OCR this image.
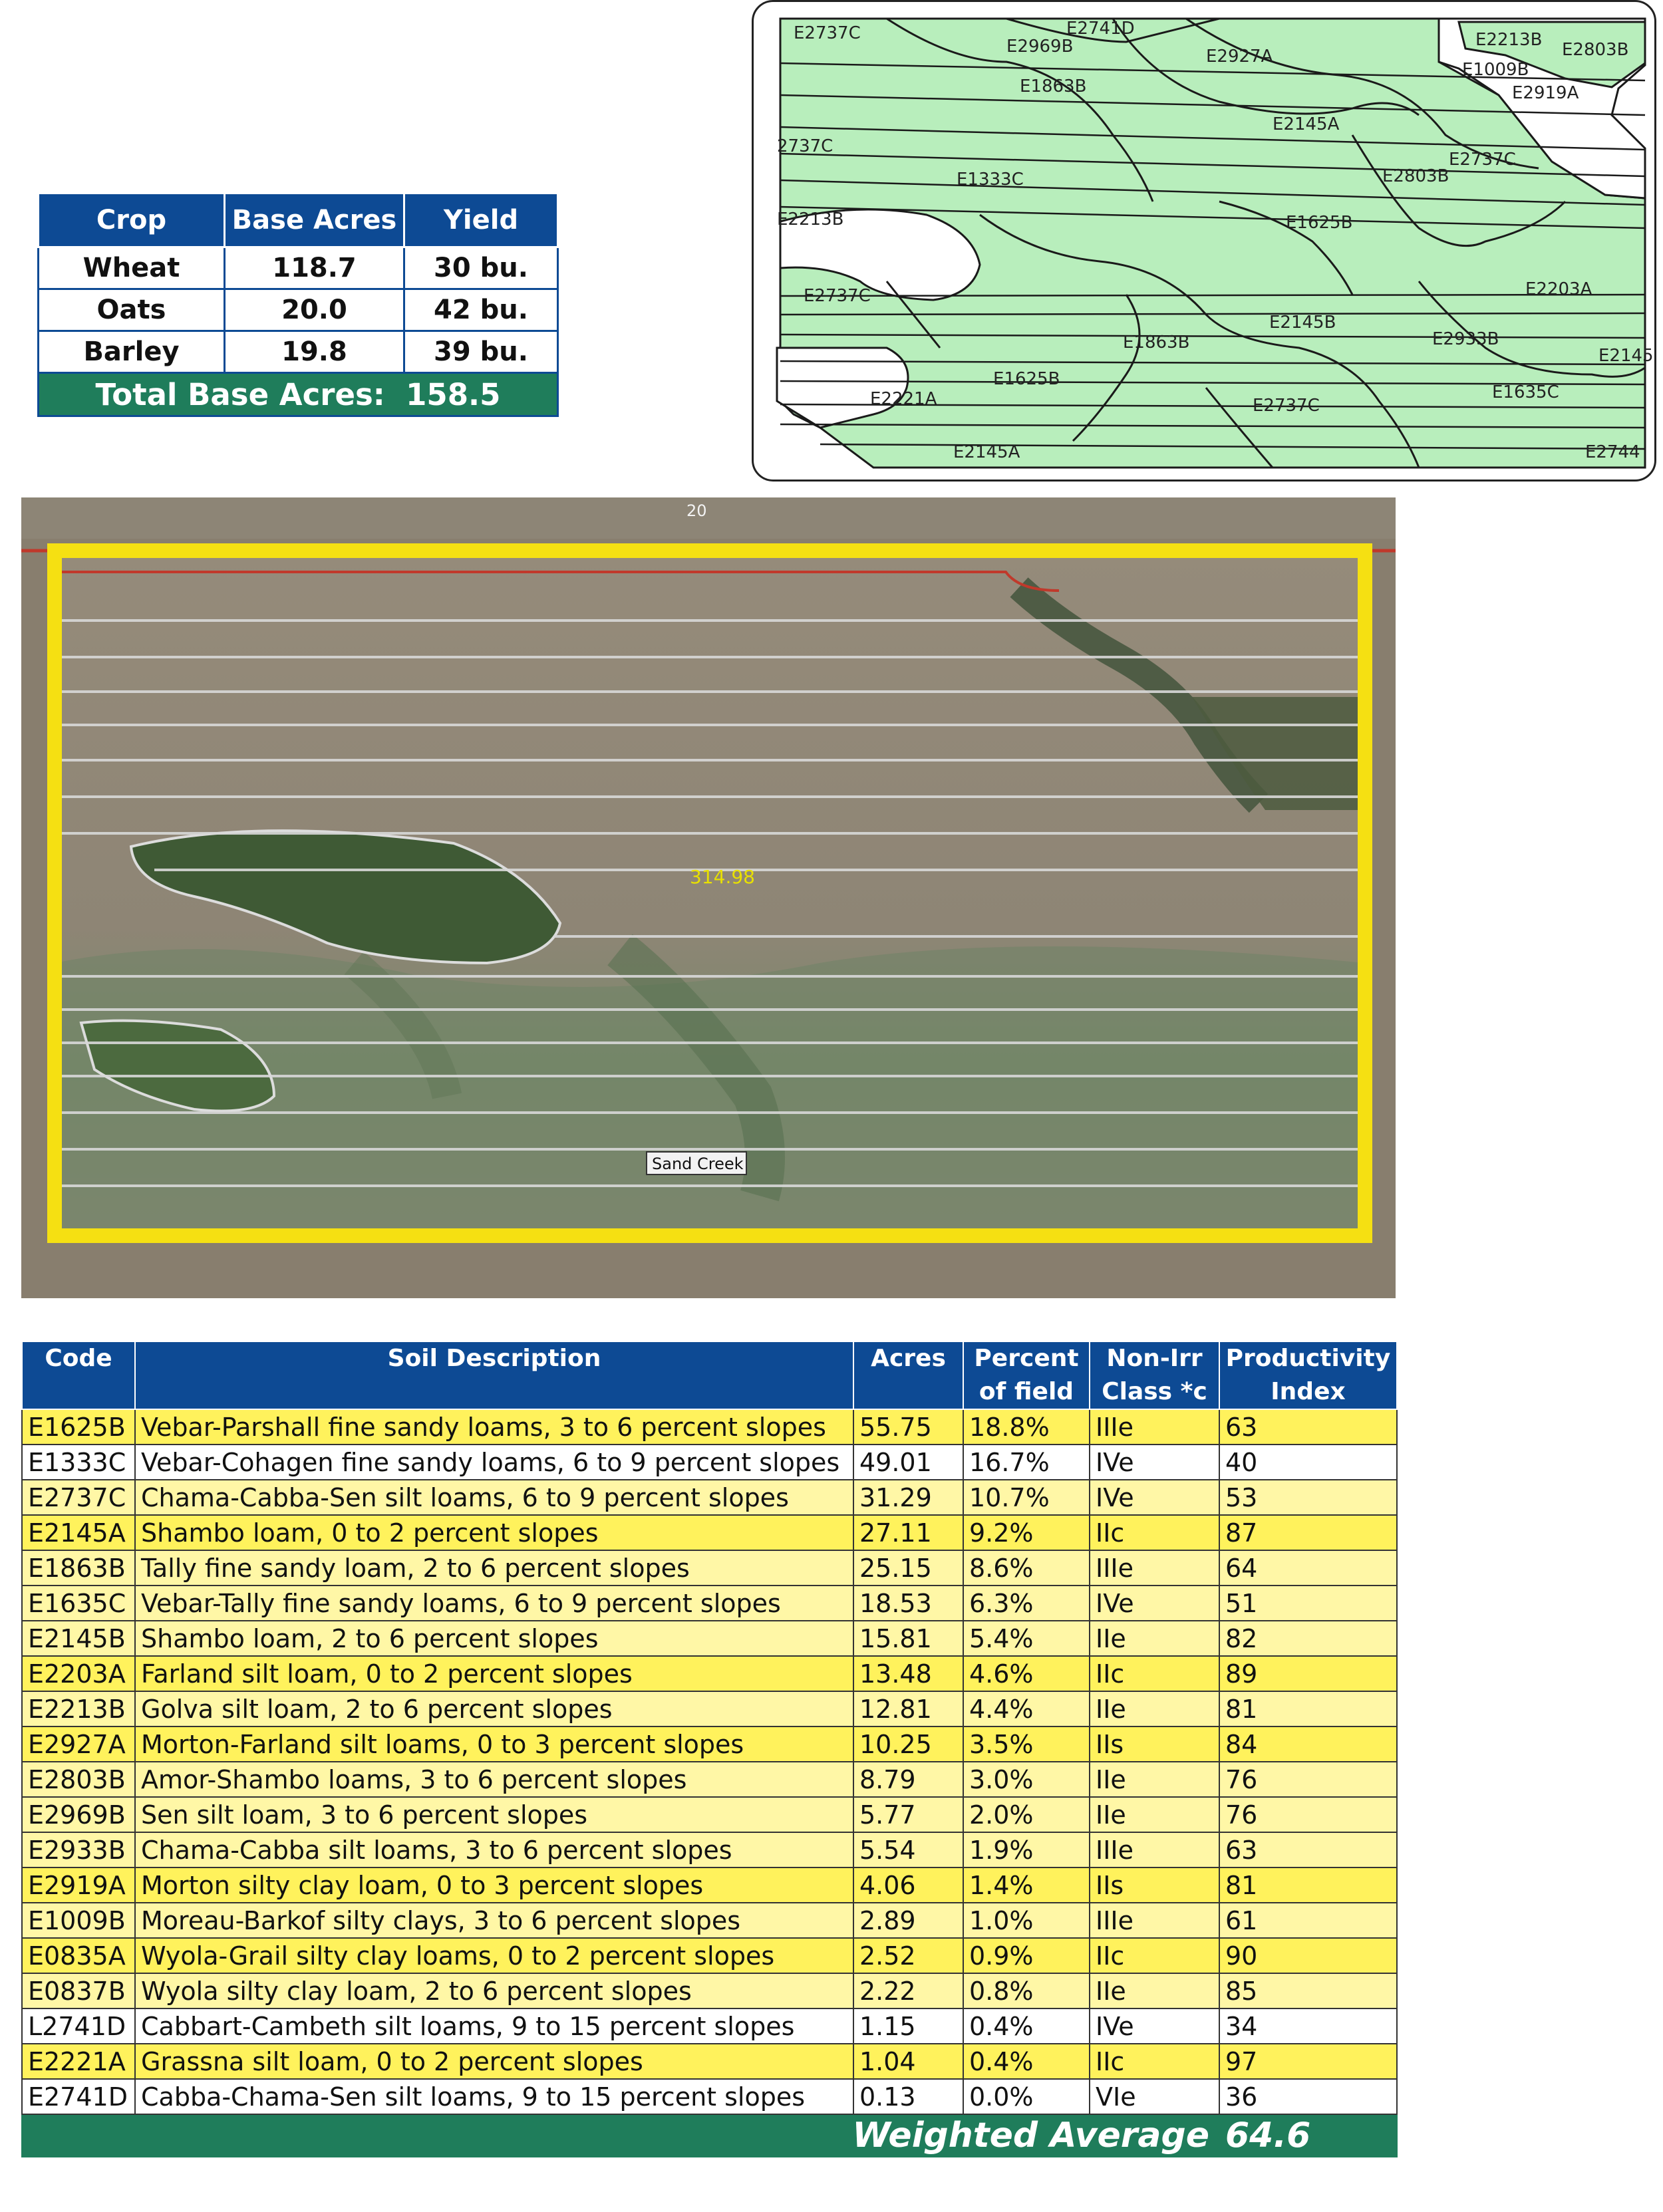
Crop	Base Acres	Yield
Wheat	118.7	30 bu.
Oats	20.0	42 bu.
Barley	19.8	39 bu.
Total Base Acres: 158.5		
E2737C	E2741D
E2969B	E2927A
E2213B E2803B
E1009B
E2919A
E1863B
E2145A
2737C
E1333C
E2737C
E2803B
E2213B	E1625B
E2737C	E2203A
E2145B
E1863B	E2933B
E2145
E1625B
E2221A	E2737C
E1635C
E2145A	E2744
20
314.98
Sand Creek
Code	Soil Description	Acres	Percent of field	Non-Irr Class *c	Productivity Index
E1625B	Vebar-Parshall fine sandy loams, 3 to 6 percent slopes	55.75	18.8%	IIIe	63
E1333C	Vebar-Cohagen fine sandy loams, 6 to 9 percent slopes	49.01	16.7%	IVe	40
E2737C	Chama-Cabba-Sen silt loams, 6 to 9 percent slopes	31.29	10.7%	IVe	53
E2145A	Shambo loam, 0 to 2 percent slopes	27.11	9.2%	IIc	87
E1863B	Tally fine sandy loam, 2 to 6 percent slopes	25.15	8.6%	IIIe	64
E1635C	Vebar-Tally fine sandy loams, 6 to 9 percent slopes	18.53	6.3%	IVe	51
E2145B	Shambo loam, 2 to 6 percent slopes	15.81	5.4%	IIe	82
E2203A	Farland silt loam, 0 to 2 percent slopes	13.48	4.6%	IIc	89
E2213B	Golva silt loam, 2 to 6 percent slopes	12.81	4.4%	IIe	81
E2927A	Morton-Farland silt loams, 0 to 3 percent slopes	10.25	3.5%	IIs	84
E2803B	Amor-Shambo loams, 3 to 6 percent slopes	8.79	3.0%	IIe	76
E2969B	Sen silt loam, 3 to 6 percent slopes	5.77	2.0%	IIe	76
E2933B	Chama-Cabba silt loams, 3 to 6 percent slopes	5.54	1.9%	IIIe	63
E2919A	Morton silty clay loam, 0 to 3 percent slopes	4.06	1.4%	IIs	81
E1009B	Moreau-Barkof silty clays, 3 to 6 percent slopes	2.89	1.0%	IIIe	61
E0835A	Wyola-Grail silty clay loams, 0 to 2 percent slopes	2.52	0.9%	IIc	90
E0837B	Wyola silty clay loam, 2 to 6 percent slopes	2.22	0.8%	IIe	85
L2741D	Cabbart-Cambeth silt loams, 9 to 15 percent slopes	1.15	0.4%	IVe	34
E2221A	Grassna silt loam, 0 to 2 percent slopes	1.04	0.4%	IIc	97
E2741D	Cabba-Chama-Sen silt loams, 9 to 15 percent slopes	0.13	0.0%	VIe	36
Weighted Average					64.6
